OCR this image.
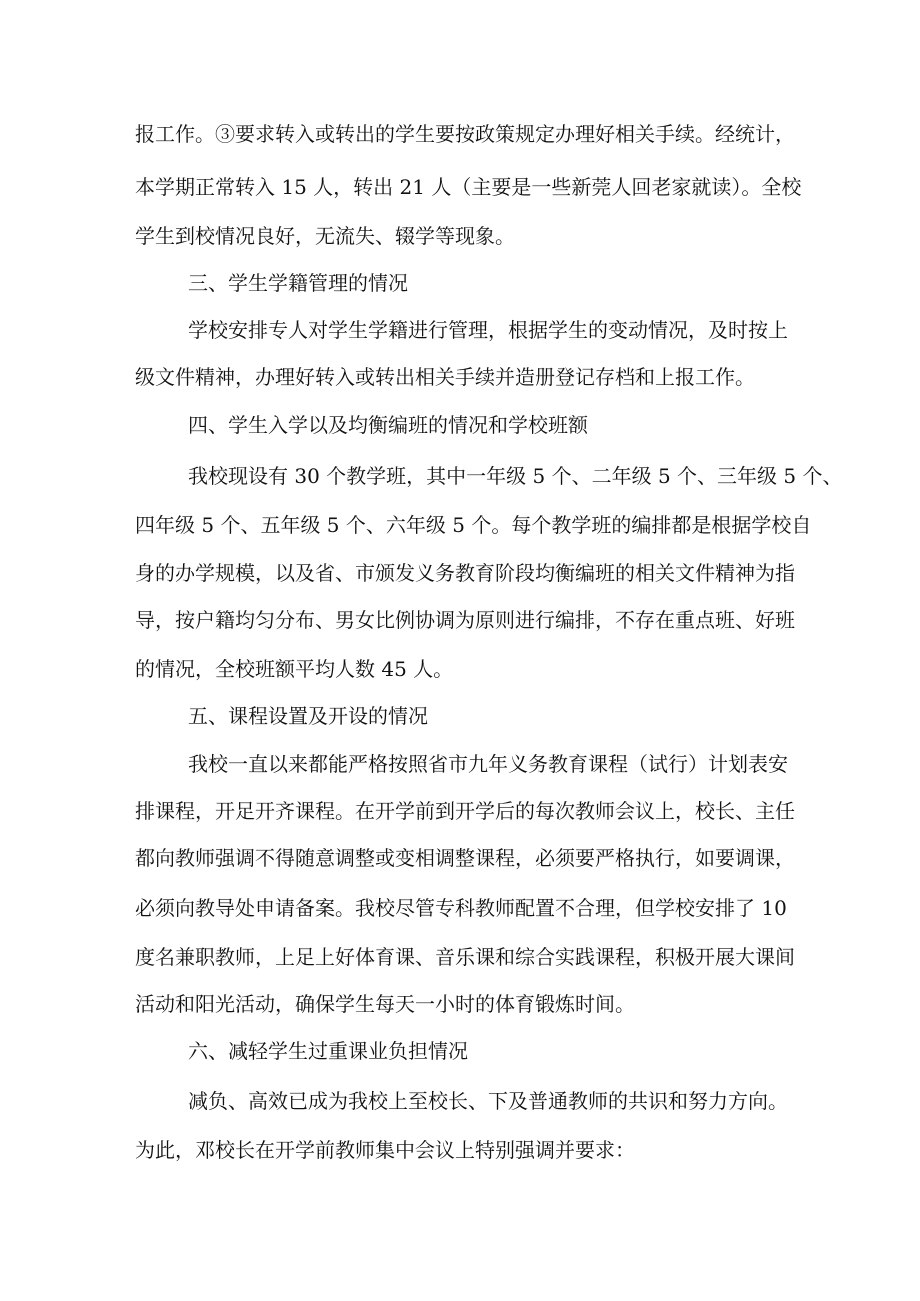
报工作。③要求转入或转出的学生要按政策规定办理好相关手续。经统计，
本学期正常转入 15 人，转出 21 人（主要是一些新莞人回老家就读）。全校
学生到校情况良好，无流失、辍学等现象。
三、学生学籍管理的情况
学校安排专人对学生学籍进行管理，根据学生的变动情况，及时按上
级文件精神，办理好转入或转出相关手续并造册登记存档和上报工作。
四、学生入学以及均衡编班的情况和学校班额
我校现设有 30 个教学班，其中一年级 5 个、二年级 5 个、三年级 5 个、
四年级 5 个、五年级 5 个、六年级 5 个。每个教学班的编排都是根据学校自
身的办学规模，以及省、市颁发义务教育阶段均衡编班的相关文件精神为指
导，按户籍均匀分布、男女比例协调为原则进行编排，不存在重点班、好班
的情况，全校班额平均人数 45 人。
五、课程设置及开设的情况
我校一直以来都能严格按照省市九年义务教育课程（试行）计划表安
排课程，开足开齐课程。在开学前到开学后的每次教师会议上，校长、主任
都向教师强调不得随意调整或变相调整课程，必须要严格执行，如要调课，
必须向教导处申请备案。我校尽管专科教师配置不合理，但学校安排了 10
度名兼职教师，上足上好体育课、音乐课和综合实践课程，积极开展大课间
活动和阳光活动，确保学生每天一小时的体育锻炼时间。
六、减轻学生过重课业负担情况
减负、高效已成为我校上至校长、下及普通教师的共识和努力方向。
为此，邓校长在开学前教师集中会议上特别强调并要求：
